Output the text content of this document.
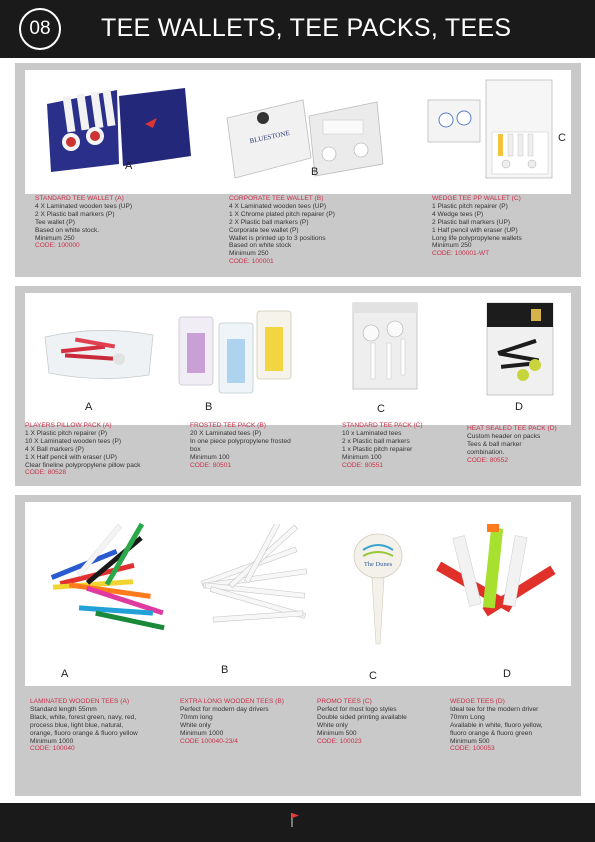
08	TEE WALLETS, TEE PACKS, TEES
BLUESTONE
A	B
C
STANDARD TEE WALLET (A)
4 X Laminated wooden tees (UP)
2 X Plastic ball markers (P)
Tee wallet (P)
Based on white stock.
Minimum 250
CODE: 100000
CORPORATE TEE WALLET (B)
4 X Laminated wooden tees (UP)
1 X Chrome plated pitch repairer (P)
2 X Plastic ball markers (P)
Corporate tee wallet (P)
Wallet is printed up to 3 positions
Based on white stock
Minimum 250
CODE: 100001
WEDGE TEE PP WALLET (C)
1 Plastic pitch repairer (P)
4 Wedge tees (P)
2 Plastic ball markers (UP)
1 Half pencil with eraser (UP)
Long life polypropylene wallets
Minimum 250
CODE: 100001-WT
A	B	C	D
PLAYERS PILLOW PACK (A)
1 X Plastic pitch repairer (P)
10 X Laminated wooden tees (P)
4 X Ball markers (P)
1 X Half pencil with eraser (UP)
Clear fineline polypropylene pillow pack
CODE: 80528
FROSTED TEE PACK (B)
20 X Laminated tees (P)
In one piece polypropylene frosted
box
Minimum 100
CODE: 80501
STANDARD TEE PACK (C)
10 x Laminated tees
2 x Plastic ball markers
1 x Plastic pitch repairer
Minimum 100
CODE: 80551
HEAT SEALED TEE PACK (D)
Custom header on packs
Tees & ball marker
combination.
CODE: 80552
The Dunes
A	B	C	D
LAMINATED WOODEN TEES (A)
Standard length 55mm
Black, white, forest green, navy, red,
process blue, light blue, natural,
orange, fluoro orange & fluoro yellow
Minimum 1000
CODE: 100040
EXTRA LONG WOODEN TEES (B)
Perfect for modern day drivers
70mm long
White only
Minimum 1000
CODE 100040-23/4
PROMO TEES (C)
Perfect for most logo styles
Double sided printing available
White only
Minimum 500
CODE: 100023
WEDGE TEES (D)
Ideal tee for the modern driver
70mm Long
Available in white, fluoro yellow,
fluoro orange & fluoro green
Minimum 500
CODE: 100053
